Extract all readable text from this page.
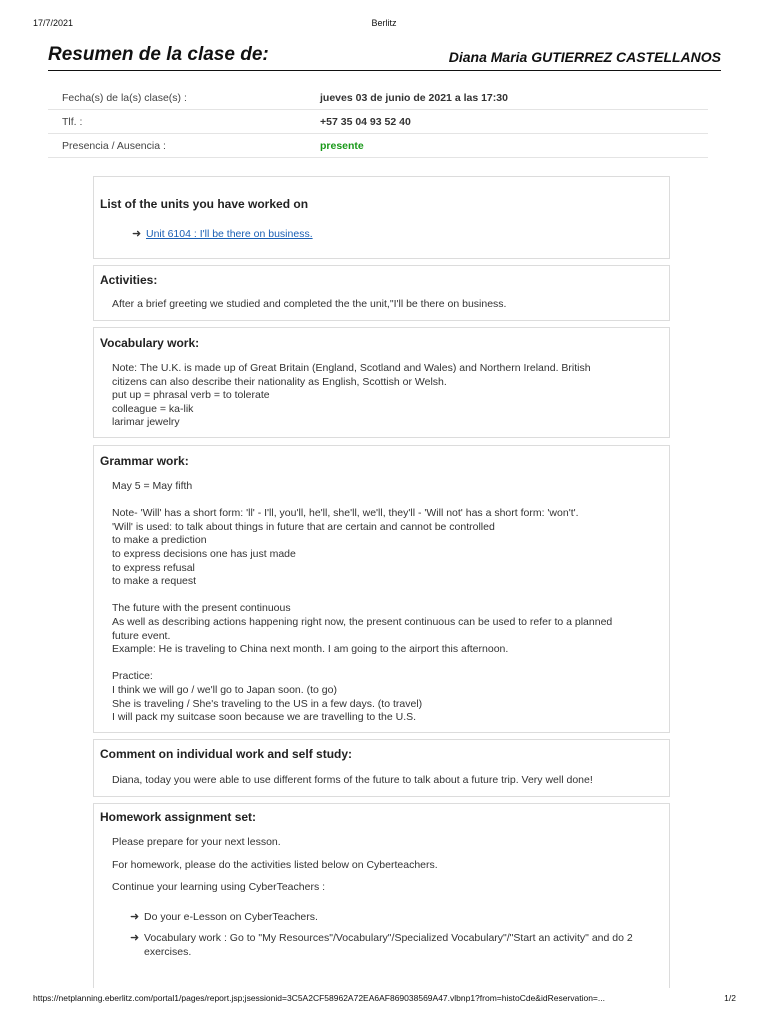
17/7/2021	Berlitz
Resumen de la clase de:	Diana Maria GUTIERREZ CASTELLANOS
Fecha(s) de la(s) clase(s) :	jueves 03 de junio de 2021 a las 17:30
Tlf. :	+57 35 04 93 52 40
Presencia / Ausencia :	presente
List of the units you have worked on
➜ Unit 6104 : I'll be there on business.
Activities:

After a brief greeting we studied and completed the the unit,"I'll be there on business.

Vocabulary work:

Note: The U.K. is made up of Great Britain (England, Scotland and Wales) and Northern Ireland. British

citizens can also describe their nationality as English, Scottish or Welsh.

put up = phrasal verb = to tolerate

colleague = ka-lik

larimar jewelry

Grammar work:

May 5 = May fifth

Note- 'Will' has a short form: 'll' - I'll, you'll, he'll, she'll, we'll, they'll - 'Will not' has a short form: 'won't'.

'Will' is used: to talk about things in future that are certain and cannot be controlled

to make a prediction

to express decisions one has just made

to express refusal

to make a request

The future with the present continuous

As well as describing actions happening right now, the present continuous can be used to refer to a planned

future event.

Example: He is traveling to China next month. I am going to the airport this afternoon.

Practice:

I think we will go / we'll go to Japan soon. (to go)

She is traveling / She's traveling to the US in a few days. (to travel)

I will pack my suitcase soon because we are travelling to the U.S.

Comment on individual work and self study:

Diana, today you were able to use different forms of the future to talk about a future trip. Very well done!

Homework assignment set:

Please prepare for your next lesson.

For homework, please do the activities listed below on Cyberteachers.

Continue your learning using CyberTeachers :

➜ Do your e-Lesson on CyberTeachers.
➜ Vocabulary work : Go to "My Resources"/Vocabulary"/Specialized Vocabulary"/"Start an activity" and do 2 exercises.
https://netplanning.eberlitz.com/portal1/pages/report.jsp;jsessionid=3C5A2CF58962A72EA6AF869038569A47.vlbnp1?from=histoCde&idReservation=...	1/2
